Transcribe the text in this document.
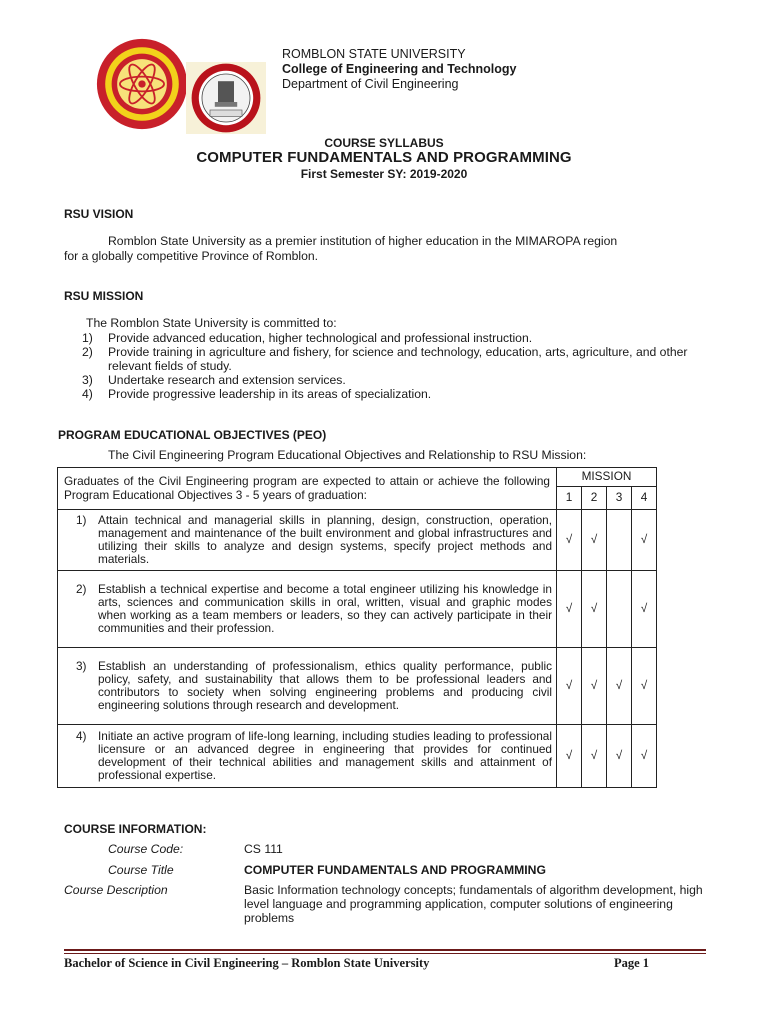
ROMBLON STATE UNIVERSITY
College of Engineering and Technology
Department of Civil Engineering
COURSE SYLLABUS
COMPUTER FUNDAMENTALS AND PROGRAMMING
First Semester SY: 2019-2020
RSU VISION
Romblon State University as a premier institution of higher education in the MIMAROPA region
for a globally competitive Province of Romblon.
RSU MISSION
The Romblon State University is committed to:
1) Provide advanced education, higher technological and professional instruction.
2) Provide training in agriculture and fishery, for science and technology, education, arts, agriculture, and other relevant fields of study.
3) Undertake research and extension services.
4) Provide progressive leadership in its areas of specialization.
PROGRAM EDUCATIONAL OBJECTIVES (PEO)
The Civil Engineering Program Educational Objectives and Relationship to RSU Mission:
Graduates of the Civil Engineering program are expected to attain or achieve the following Program Educational Objectives 3 - 5 years of graduation:	MISSION			
	1	2	3	4

1) Attain technical and managerial skills in planning, design, construction, operation, management and maintenance of the built environment and global infrastructures and utilizing their skills to analyze and design systems, specify project methods and materials.	√	√		√

2) Establish a technical expertise and become a total engineer utilizing his knowledge in arts, sciences and communication skills in oral, written, visual and graphic modes when working as a team members or leaders, so they can actively participate in their communities and their profession.	√	√		√

3) Establish an understanding of professionalism, ethics quality performance, public policy, safety, and sustainability that allows them to be professional leaders and contributors to society when solving engineering problems and producing civil engineering solutions through research and development.	√	√	√	√

4) Initiate an active program of life-long learning, including studies leading to professional licensure or an advanced degree in engineering that provides for continued development of their technical abilities and management skills and attainment of professional expertise.	√	√	√	√
COURSE INFORMATION:
Course Code:	CS 111
Course Title	COMPUTER FUNDAMENTALS AND PROGRAMMING
Course Description	Basic Information technology concepts; fundamentals of algorithm development, high level language and programming application, computer solutions of engineering problems
Bachelor of Science in Civil Engineering – Romblon State University	Page 1
